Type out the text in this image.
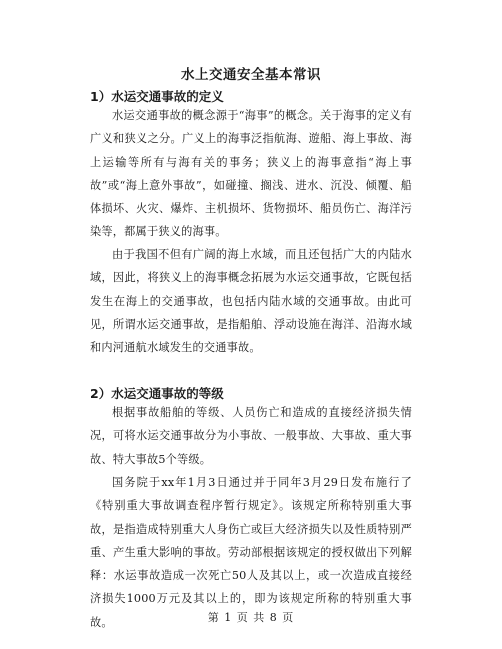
水上交通安全基本常识
1）水运交通事故的定义

水运交通事故的概念源于“海事”的概念。关于海事的定义有广义和狭义之分。广义上的海事泛指航海、遊船、海上事故、海上运输等所有与海有关的事务；狭义上的海事意指“海上事故”或“海上意外事故”，如碰撞、搁浅、进水、沉没、倾覆、船体损坏、火灾、爆炸、主机损坏、货物损坏、船员伤亡、海洋污染等，都属于狭义的海事。

由于我国不但有广阔的海上水域，而且还包括广大的内陆水域，因此，将狭义上的海事概念拓展为水运交通事故，它既包括发生在海上的交通事故，也包括内陆水域的交通事故。由此可见，所谓水运交通事故，是指船舶、浮动设施在海洋、沿海水域和内河通航水域发生的交通事故。

2）水运交通事故的等级

根据事故船舶的等级、人员伤亡和造成的直接经济损失情况，可将水运交通事故分为小事故、一般事故、大事故、重大事故、特大事故5个等级。

国务院于xx年1月3日通过并于同年3月29日发布施行了《特别重大事故调查程序暂行规定》。该规定所称特别重大事故，是指造成特别重大人身伤亡或巨大经济损失以及性质特别严重、产生重大影响的事故。劳动部根据该规定的授权做出下列解释：水运事故造成一次死亡50人及其以上，或一次造成直接经济损失1000万元及其以上的，即为该规定所称的特别重大事故。	第 1 页 共 8 页
